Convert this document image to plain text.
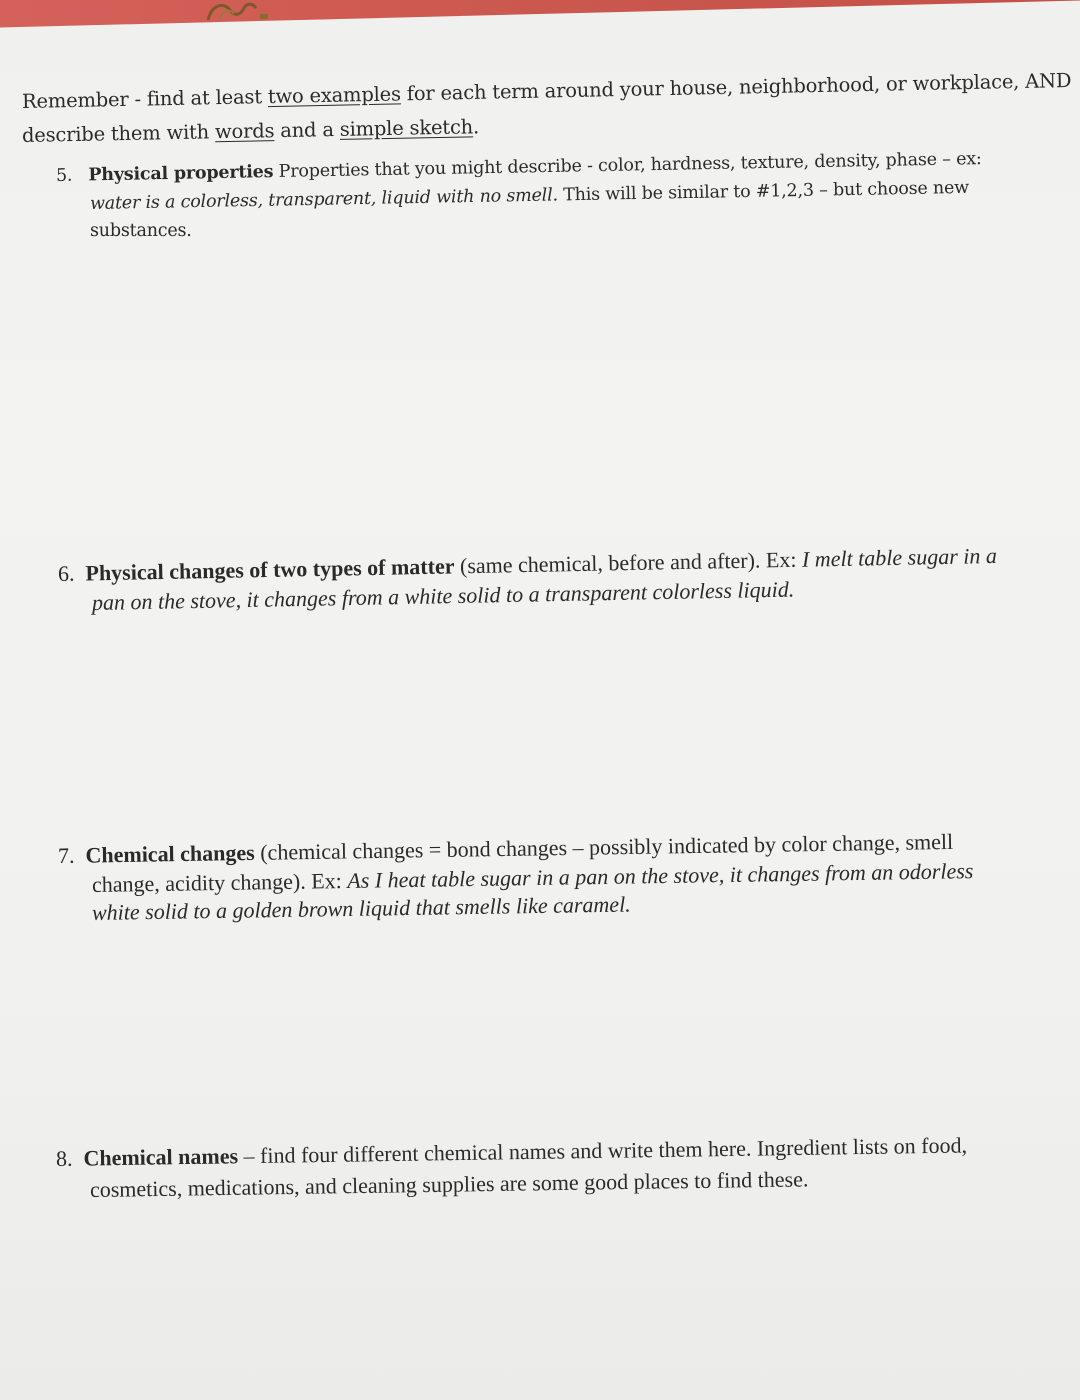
Remember - find at least two examples for each term around your house, neighborhood, or workplace, AND
describe them with words and a simple sketch.
5. Physical properties Properties that you might describe - color, hardness, texture, density, phase – ex:
water is a colorless, transparent, liquid with no smell. This will be similar to #1,2,3 – but choose new
substances.
6. Physical changes of two types of matter (same chemical, before and after). Ex: I melt table sugar in a
pan on the stove, it changes from a white solid to a transparent colorless liquid.
7. Chemical changes (chemical changes = bond changes – possibly indicated by color change, smell
change, acidity change). Ex: As I heat table sugar in a pan on the stove, it changes from an odorless
white solid to a golden brown liquid that smells like caramel.
8. Chemical names – find four different chemical names and write them here. Ingredient lists on food,
cosmetics, medications, and cleaning supplies are some good places to find these.
